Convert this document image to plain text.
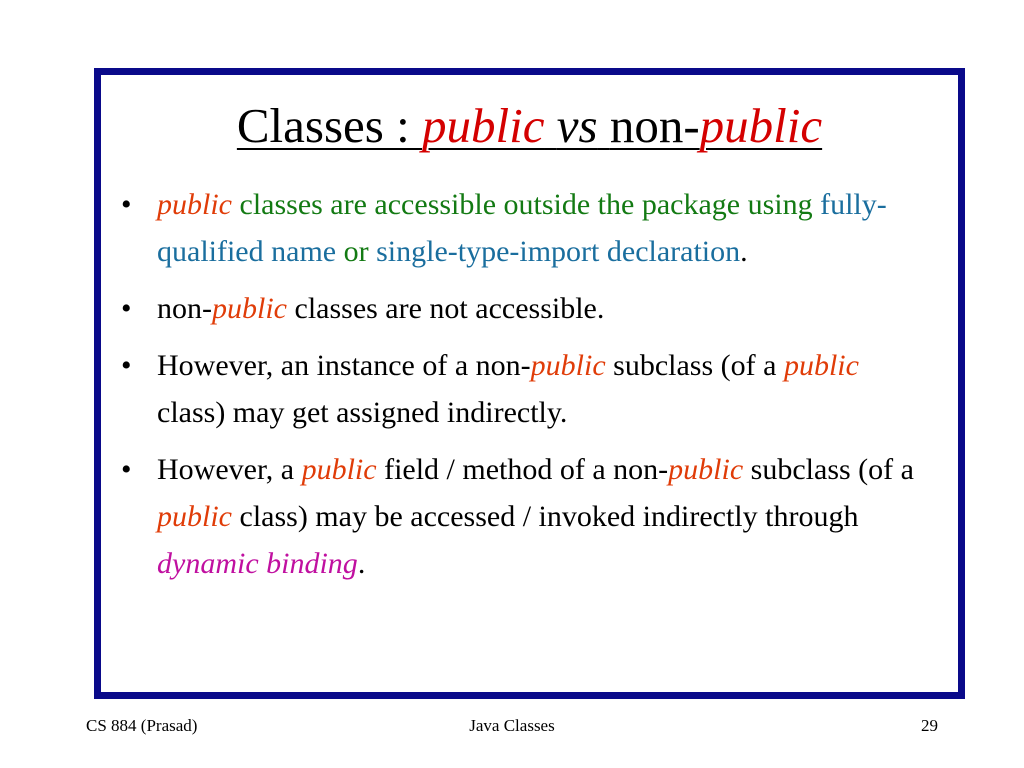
Classes : public vs non-public
• public classes are accessible outside the package using fully-qualified name or single-type-import declaration.
• non-public classes are not accessible.
• However, an instance of a non-public subclass (of a public class) may get assigned indirectly.
• However, a public field / method of a non-public subclass (of a public class) may be accessed / invoked indirectly through dynamic binding.
CS 884 (Prasad)	Java Classes	29
